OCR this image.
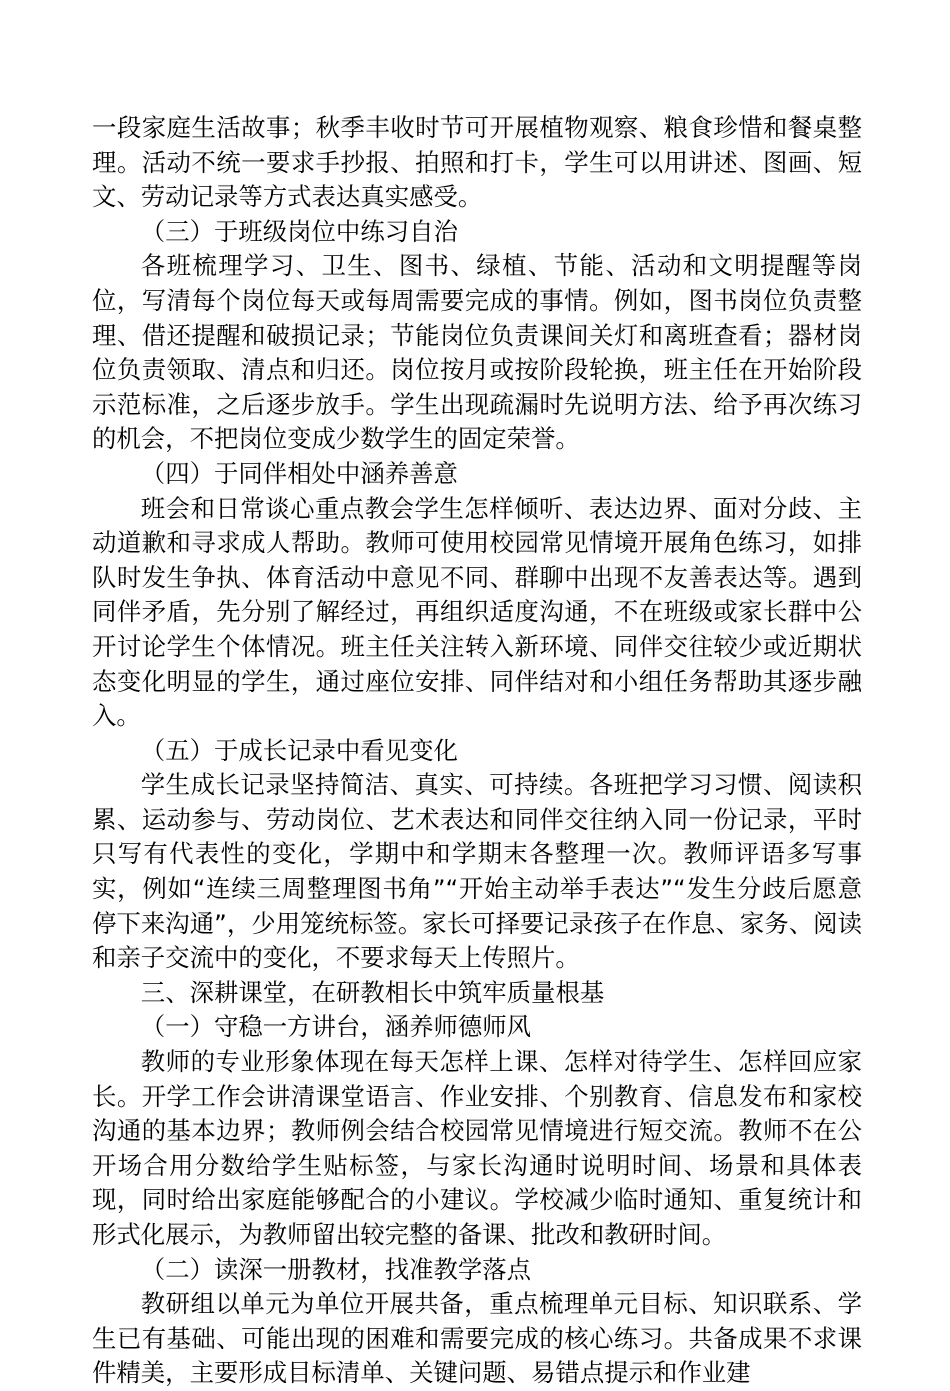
一段家庭生活故事；秋季丰收时节可开展植物观察、粮食珍惜和餐桌整理。活动不统一要求手抄报、拍照和打卡，学生可以用讲述、图画、短文、劳动记录等方式表达真实感受。

（三）于班级岗位中练习自治

各班梳理学习、卫生、图书、绿植、节能、活动和文明提醒等岗位，写清每个岗位每天或每周需要完成的事情。例如，图书岗位负责整理、借还提醒和破损记录；节能岗位负责课间关灯和离班查看；器材岗位负责领取、清点和归还。岗位按月或按阶段轮换，班主任在开始阶段示范标准，之后逐步放手。学生出现疏漏时先说明方法、给予再次练习的机会，不把岗位变成少数学生的固定荣誉。

（四）于同伴相处中涵养善意

班会和日常谈心重点教会学生怎样倾听、表达边界、面对分歧、主动道歉和寻求成人帮助。教师可使用校园常见情境开展角色练习，如排队时发生争执、体育活动中意见不同、群聊中出现不友善表达等。遇到同伴矛盾，先分别了解经过，再组织适度沟通，不在班级或家长群中公开讨论学生个体情况。班主任关注转入新环境、同伴交往较少或近期状态变化明显的学生，通过座位安排、同伴结对和小组任务帮助其逐步融入。

（五）于成长记录中看见变化

学生成长记录坚持简洁、真实、可持续。各班把学习习惯、阅读积累、运动参与、劳动岗位、艺术表达和同伴交往纳入同一份记录，平时只写有代表性的变化，学期中和学期末各整理一次。教师评语多写事实，例如“连续三周整理图书角”“开始主动举手表达”“发生分歧后愿意停下来沟通”，少用笼统标签。家长可择要记录孩子在作息、家务、阅读和亲子交流中的变化，不要求每天上传照片。

三、深耕课堂，在研教相长中筑牢质量根基

（一）守稳一方讲台，涵养师德师风

教师的专业形象体现在每天怎样上课、怎样对待学生、怎样回应家长。开学工作会讲清课堂语言、作业安排、个别教育、信息发布和家校沟通的基本边界；教师例会结合校园常见情境进行短交流。教师不在公开场合用分数给学生贴标签，与家长沟通时说明时间、场景和具体表现，同时给出家庭能够配合的小建议。学校减少临时通知、重复统计和形式化展示，为教师留出较完整的备课、批改和教研时间。

（二）读深一册教材，找准教学落点

教研组以单元为单位开展共备，重点梳理单元目标、知识联系、学生已有基础、可能出现的困难和需要完成的核心练习。共备成果不求课件精美，主要形成目标清单、关键问题、易错点提示和作业建
